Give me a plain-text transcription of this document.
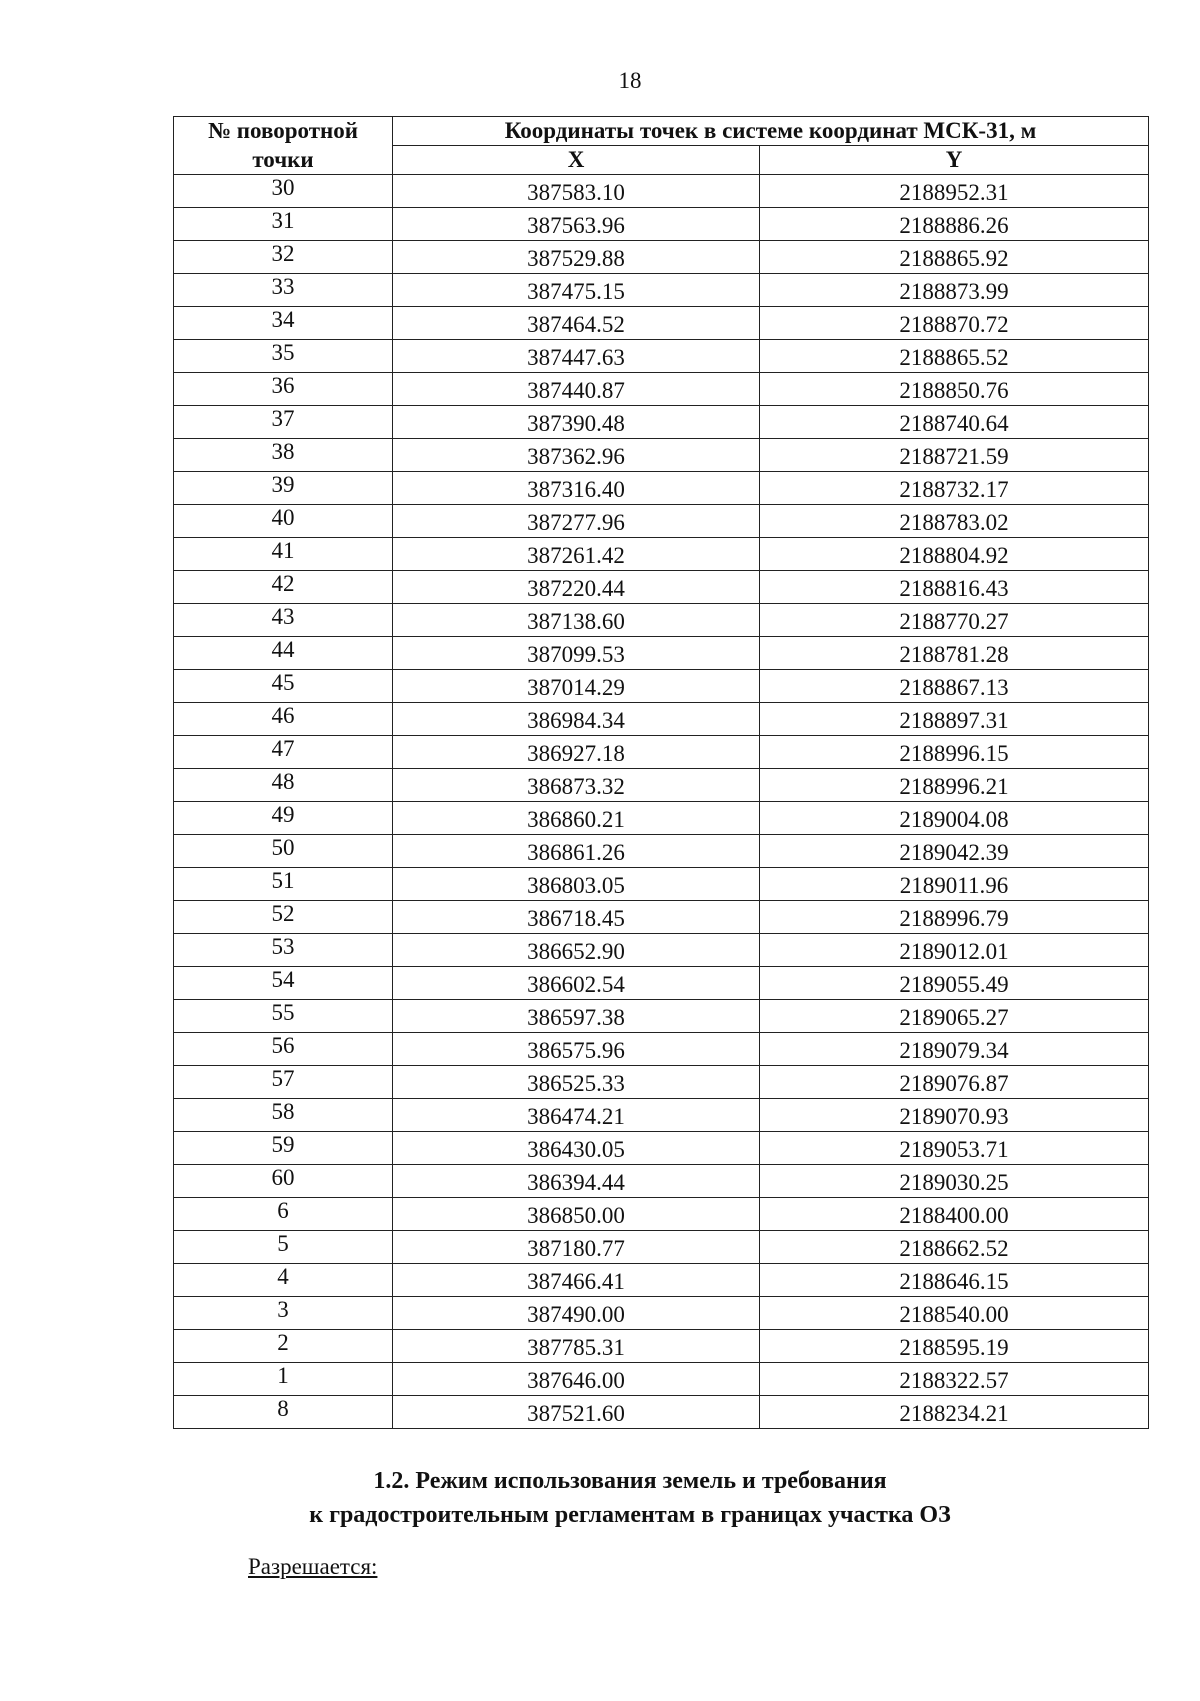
18
№ поворотной	Координаты точек в системе координат МСК-31, м	
точки	X	Y
30	387583.10	2188952.31
31	387563.96	2188886.26
32	387529.88	2188865.92
33	387475.15	2188873.99
34	387464.52	2188870.72
35	387447.63	2188865.52
36	387440.87	2188850.76
37	387390.48	2188740.64
38	387362.96	2188721.59
39	387316.40	2188732.17
40	387277.96	2188783.02
41	387261.42	2188804.92
42	387220.44	2188816.43
43	387138.60	2188770.27
44	387099.53	2188781.28
45	387014.29	2188867.13
46	386984.34	2188897.31
47	386927.18	2188996.15
48	386873.32	2188996.21
49	386860.21	2189004.08
50	386861.26	2189042.39
51	386803.05	2189011.96
52	386718.45	2188996.79
53	386652.90	2189012.01
54	386602.54	2189055.49
55	386597.38	2189065.27
56	386575.96	2189079.34
57	386525.33	2189076.87
58	386474.21	2189070.93
59	386430.05	2189053.71
60	386394.44	2189030.25
6	386850.00	2188400.00
5	387180.77	2188662.52
4	387466.41	2188646.15
3	387490.00	2188540.00
2	387785.31	2188595.19
1	387646.00	2188322.57
8	387521.60	2188234.21
1.2. Режим использования земель и требования
к градостроительным регламентам в границах участка ОЗ
Разрешается:
